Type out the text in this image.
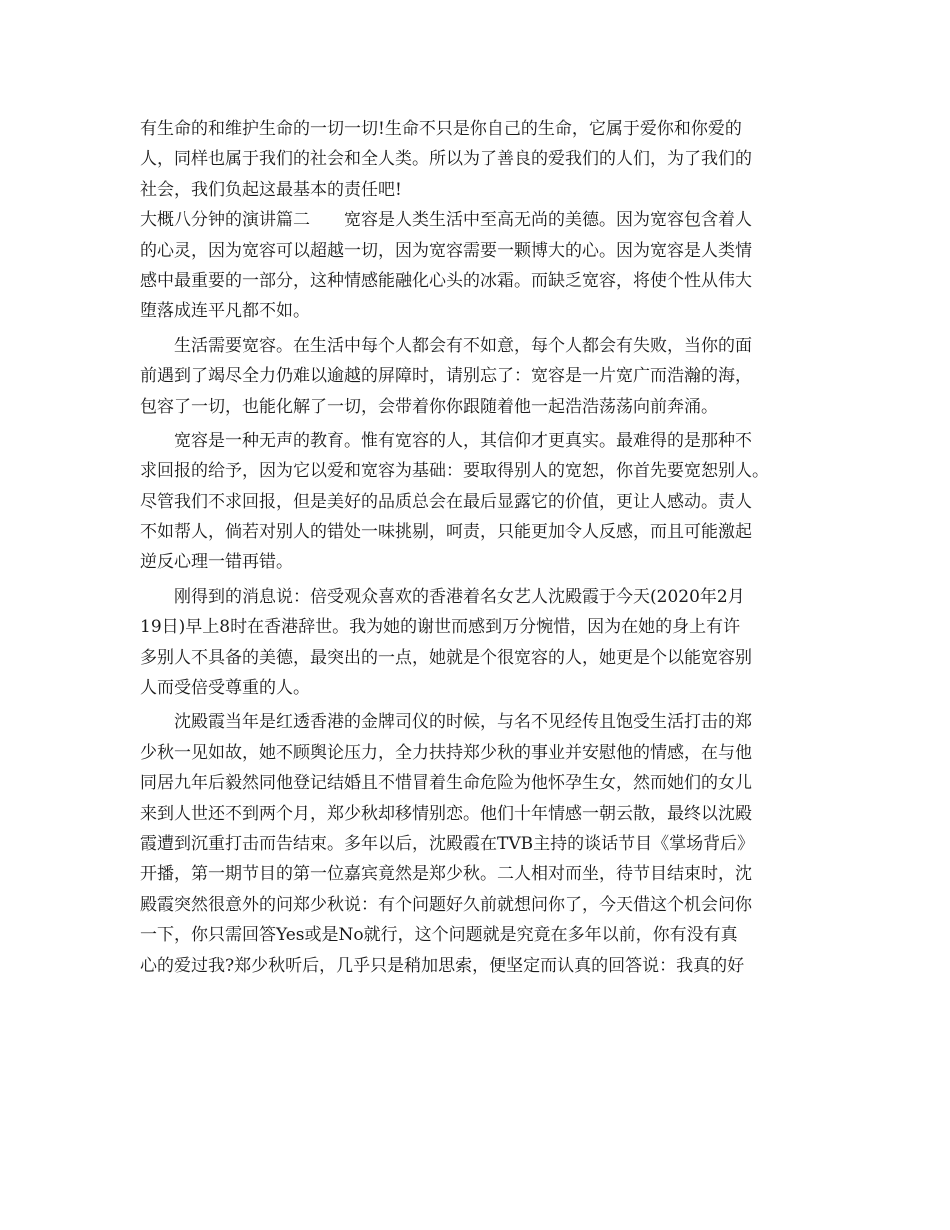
有生命的和维护生命的一切一切!生命不只是你自己的生命，它属于爱你和你爱的
人，同样也属于我们的社会和全人类。所以为了善良的爱我们的人们，为了我们的
社会，我们负起这最基本的责任吧!
大概八分钟的演讲篇二　　宽容是人类生活中至高无尚的美德。因为宽容包含着人
的心灵，因为宽容可以超越一切，因为宽容需要一颗博大的心。因为宽容是人类情
感中最重要的一部分，这种情感能融化心头的冰霜。而缺乏宽容，将使个性从伟大
堕落成连平凡都不如。
　　生活需要宽容。在生活中每个人都会有不如意，每个人都会有失败，当你的面
前遇到了竭尽全力仍难以逾越的屏障时，请别忘了：宽容是一片宽广而浩瀚的海，
包容了一切，也能化解了一切，会带着你你跟随着他一起浩浩荡荡向前奔涌。
　　宽容是一种无声的教育。惟有宽容的人，其信仰才更真实。最难得的是那种不
求回报的给予，因为它以爱和宽容为基础：要取得别人的宽恕，你首先要宽恕别人。
尽管我们不求回报，但是美好的品质总会在最后显露它的价值，更让人感动。责人
不如帮人，倘若对别人的错处一味挑剔，呵责，只能更加令人反感，而且可能激起
逆反心理一错再错。
　　刚得到的消息说：倍受观众喜欢的香港着名女艺人沈殿霞于今天(2020年2月
19日)早上8时在香港辞世。我为她的谢世而感到万分惋惜，因为在她的身上有许
多别人不具备的美德，最突出的一点，她就是个很宽容的人，她更是个以能宽容别
人而受倍受尊重的人。
　　沈殿霞当年是红透香港的金牌司仪的时候，与名不见经传且饱受生活打击的郑
少秋一见如故，她不顾舆论压力，全力扶持郑少秋的事业并安慰他的情感，在与他
同居九年后毅然同他登记结婚且不惜冒着生命危险为他怀孕生女，然而她们的女儿
来到人世还不到两个月，郑少秋却移情别恋。他们十年情感一朝云散，最终以沈殿
霞遭到沉重打击而告结束。多年以后，沈殿霞在TVB主持的谈话节目《掌场背后》
开播，第一期节目的第一位嘉宾竟然是郑少秋。二人相对而坐，待节目结束时，沈
殿霞突然很意外的问郑少秋说：有个问题好久前就想问你了，今天借这个机会问你
一下，你只需回答Yes或是No就行，这个问题就是究竟在多年以前，你有没有真
心的爱过我?郑少秋听后，几乎只是稍加思索，便坚定而认真的回答说：我真的好
